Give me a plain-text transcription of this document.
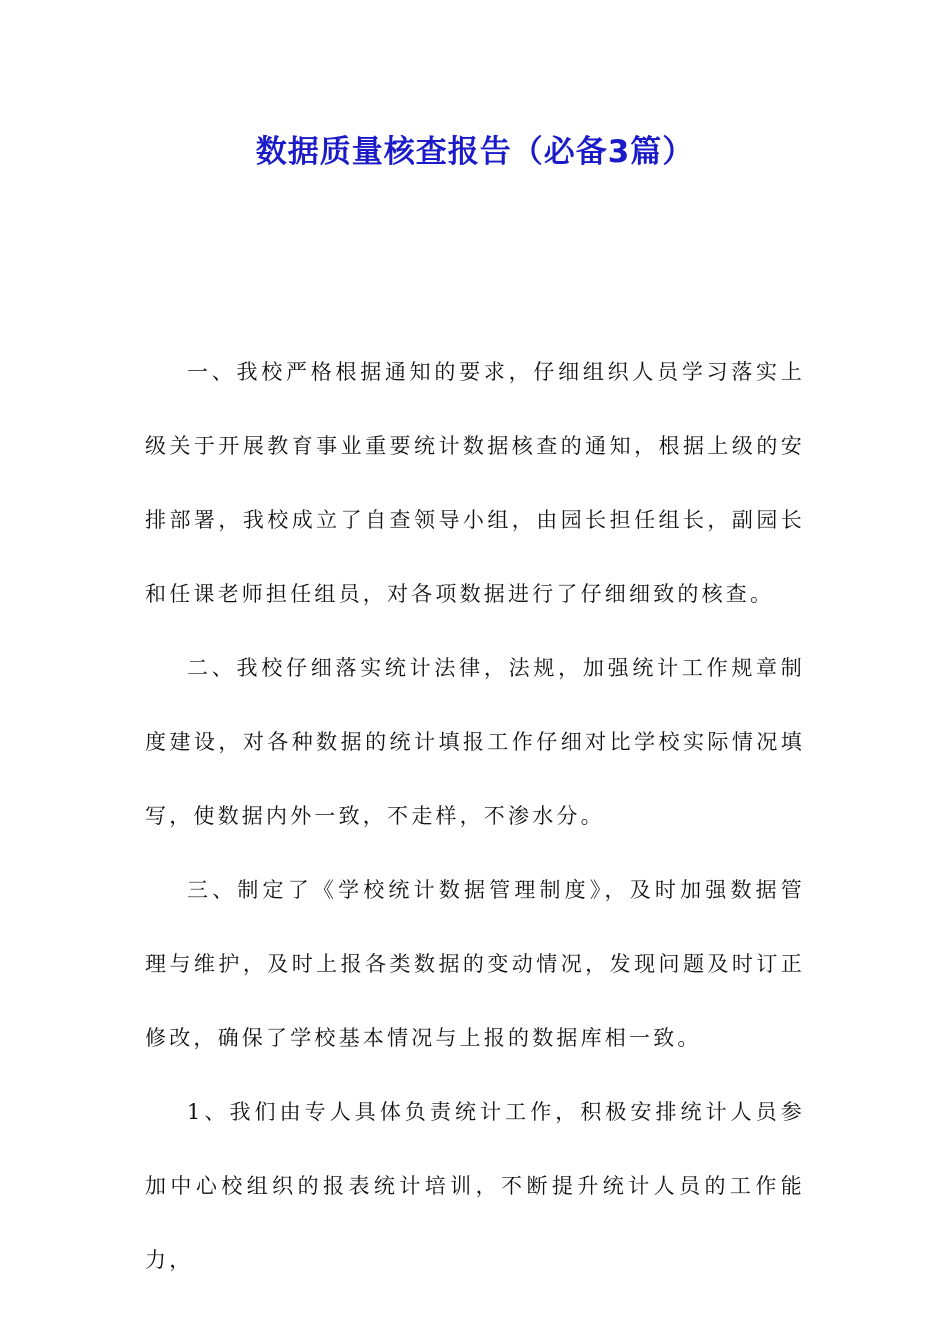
数据质量核查报告（必备3篇）

一、我校严格根据通知的要求，仔细组织人员学习落实上级关于开展教育事业重要统计数据核查的通知，根据上级的安排部署，我校成立了自查领导小组，由园长担任组长，副园长和任课老师担任组员，对各项数据进行了仔细细致的核查。

二、我校仔细落实统计法律，法规，加强统计工作规章制度建设，对各种数据的统计填报工作仔细对比学校实际情况填写，使数据内外一致，不走样，不渗水分。

三、制定了《学校统计数据管理制度》，及时加强数据管理与维护，及时上报各类数据的变动情况，发现问题及时订正修改，确保了学校基本情况与上报的数据库相一致。

1、我们由专人具体负责统计工作，积极安排统计人员参加中心校组织的报表统计培训，不断提升统计人员的工作能力，
